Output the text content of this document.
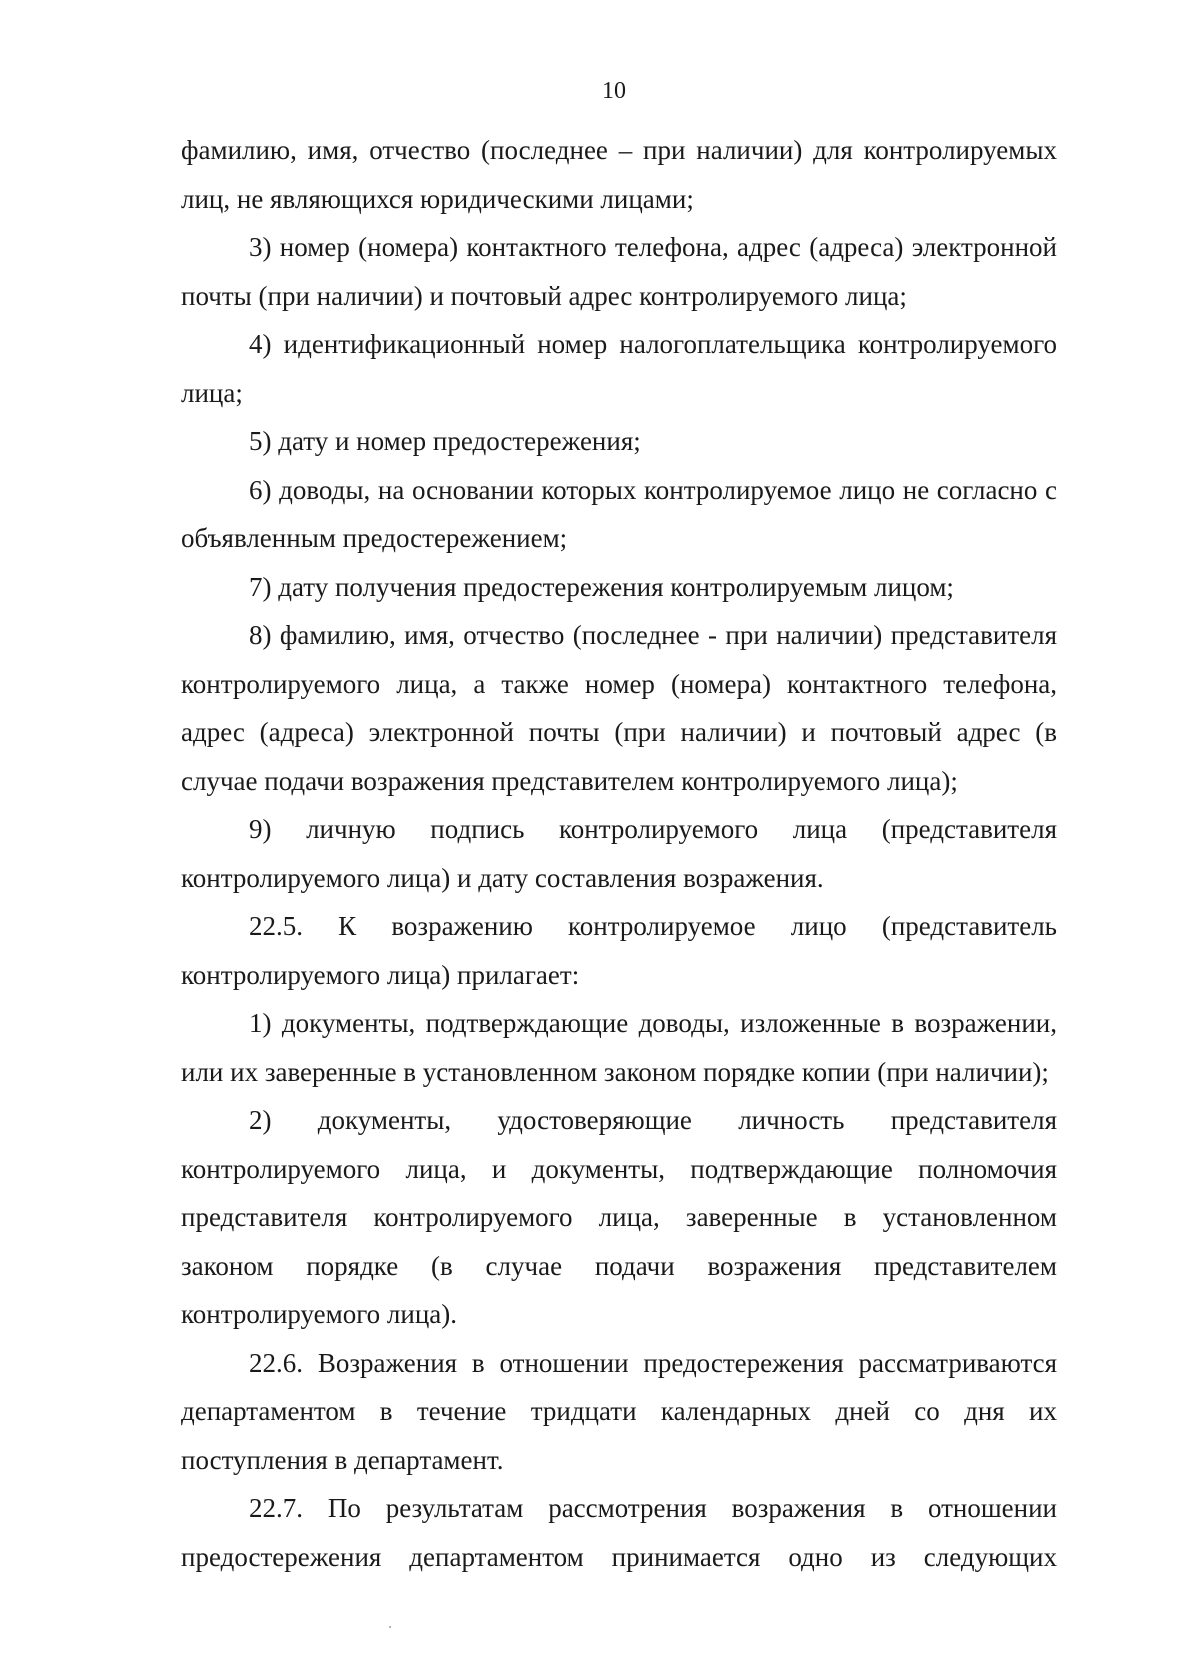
10

фамилию, имя, отчество (последнее – при наличии) для контролируемых лиц, не являющихся юридическими лицами;

3) номер (номера) контактного телефона, адрес (адреса) электронной почты (при наличии) и почтовый адрес контролируемого лица;

4) идентификационный номер налогоплательщика контролируемого лица;

5) дату и номер предостережения;

6) доводы, на основании которых контролируемое лицо не согласно с объявленным предостережением;

7) дату получения предостережения контролируемым лицом;

8) фамилию, имя, отчество (последнее - при наличии) представителя контролируемого лица, а также номер (номера) контактного телефона, адрес (адреса) электронной почты (при наличии) и почтовый адрес (в случае подачи возражения представителем контролируемого лица);

9) личную подпись контролируемого лица (представителя контролируемого лица) и дату составления возражения.

22.5. К возражению контролируемое лицо (представитель контролируемого лица) прилагает:

1) документы, подтверждающие доводы, изложенные в возражении, или их заверенные в установленном законом порядке копии (при наличии);

2) документы, удостоверяющие личность представителя контролируемого лица, и документы, подтверждающие полномочия представителя контролируемого лица, заверенные в установленном законом порядке (в случае подачи возражения представителем контролируемого лица).

22.6. Возражения в отношении предостережения рассматриваются департаментом в течение тридцати календарных дней со дня их поступления в департамент.

22.7. По результатам рассмотрения возражения в отношении предостережения департаментом принимается одно из следующих
